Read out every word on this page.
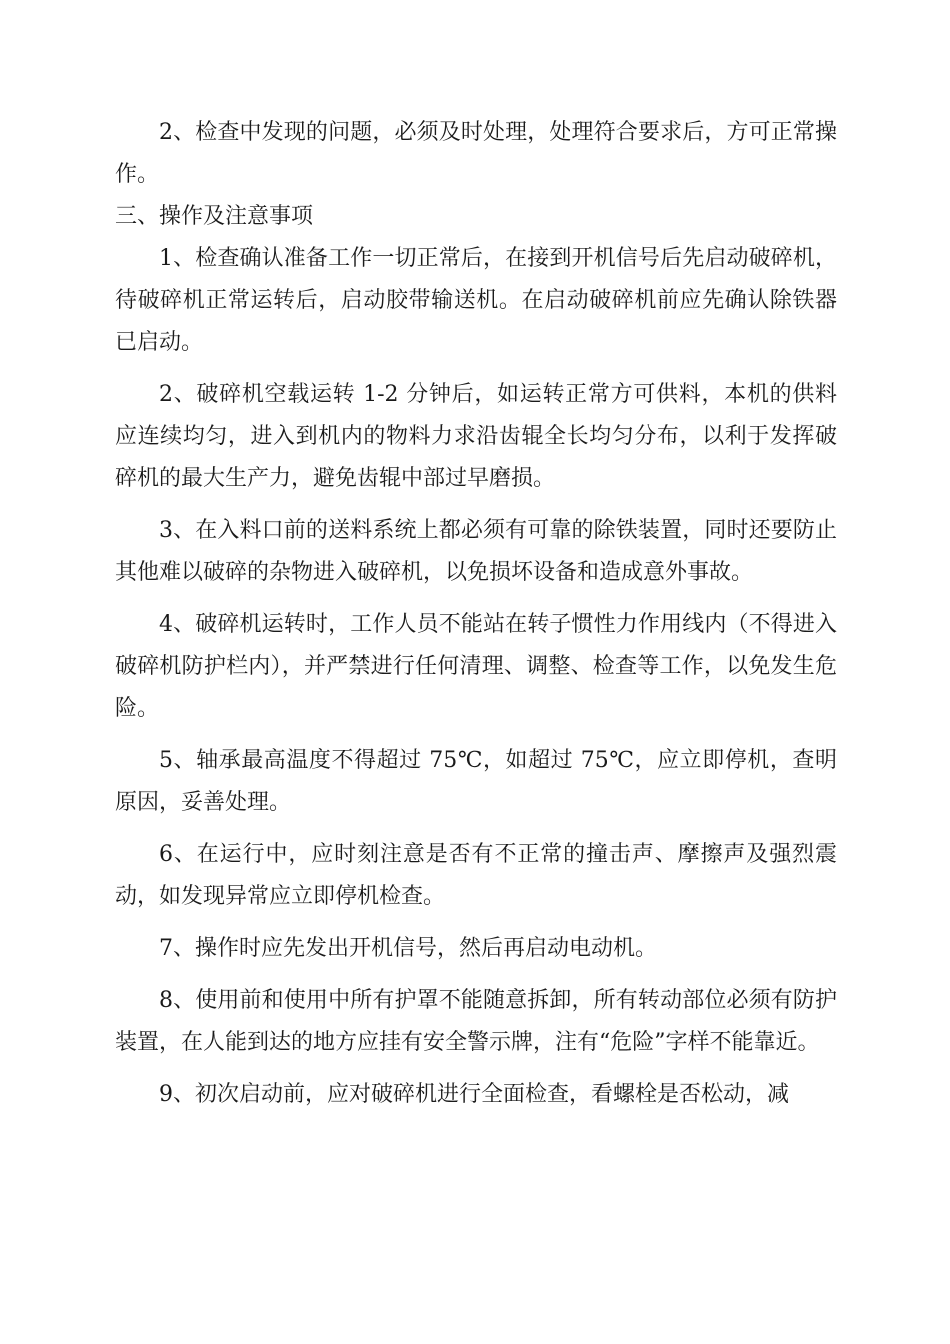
2、检查中发现的问题，必须及时处理，处理符合要求后，方可正常操作。

三、操作及注意事项

1、检查确认准备工作一切正常后，在接到开机信号后先启动破碎机，待破碎机正常运转后，启动胶带输送机。在启动破碎机前应先确认除铁器已启动。

2、破碎机空载运转 1-2 分钟后，如运转正常方可供料，本机的供料应连续均匀，进入到机内的物料力求沿齿辊全长均匀分布，以利于发挥破碎机的最大生产力，避免齿辊中部过早磨损。

3、在入料口前的送料系统上都必须有可靠的除铁装置，同时还要防止其他难以破碎的杂物进入破碎机，以免损坏设备和造成意外事故。

4、破碎机运转时，工作人员不能站在转子惯性力作用线内（不得进入破碎机防护栏内），并严禁进行任何清理、调整、检查等工作，以免发生危险。

5、轴承最高温度不得超过 75℃，如超过 75℃，应立即停机，查明原因，妥善处理。

6、在运行中，应时刻注意是否有不正常的撞击声、摩擦声及强烈震动，如发现异常应立即停机检查。

7、操作时应先发出开机信号，然后再启动电动机。

8、使用前和使用中所有护罩不能随意拆卸，所有转动部位必须有防护装置，在人能到达的地方应挂有安全警示牌，注有“危险”字样不能靠近。

9、初次启动前，应对破碎机进行全面检查，看螺栓是否松动，减
